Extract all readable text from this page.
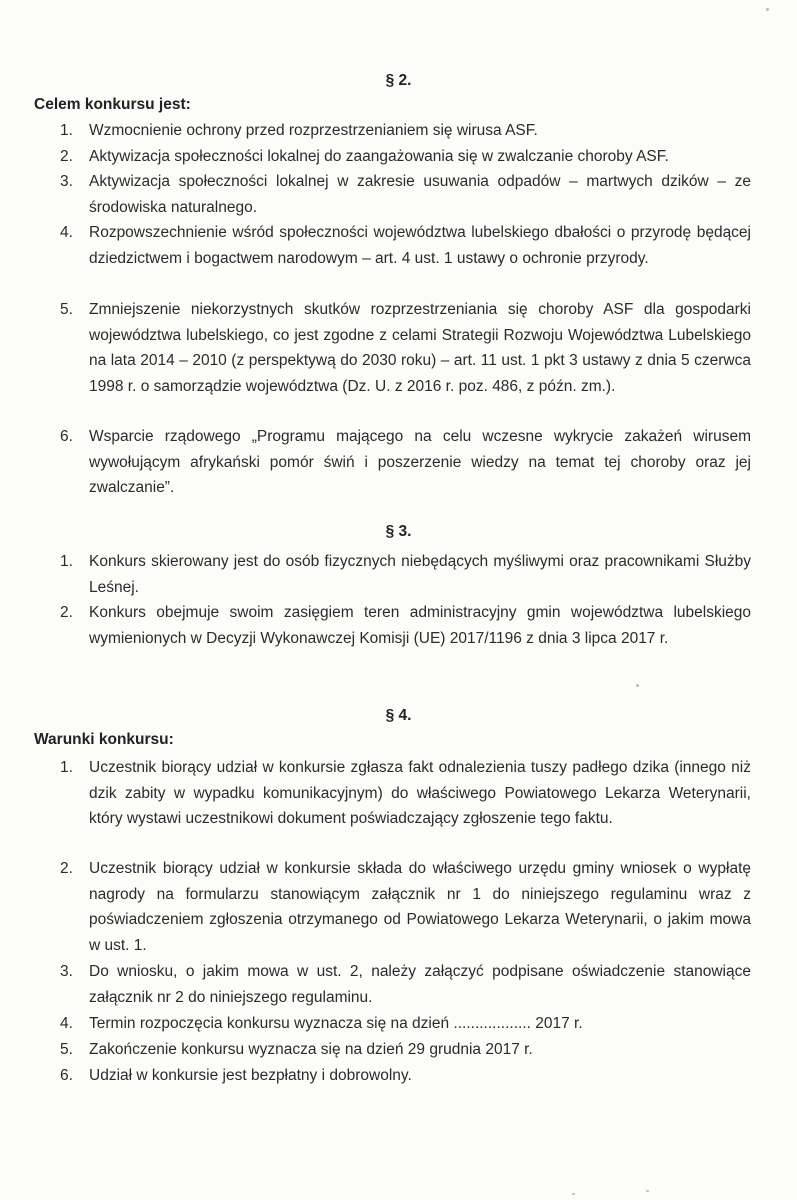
§ 2.
Celem konkursu jest:
1.	Wzmocnienie ochrony przed rozprzestrzenianiem się wirusa ASF.
2.	Aktywizacja społeczności lokalnej do zaangażowania się w zwalczanie choroby ASF.
3.	Aktywizacja społeczności lokalnej w zakresie usuwania odpadów – martwych dzików – ze środowiska naturalnego.
4.	Rozpowszechnienie wśród społeczności województwa lubelskiego dbałości o przyrodę będącej dziedzictwem i bogactwem narodowym – art. 4 ust. 1 ustawy o ochronie przyrody.
5.	Zmniejszenie niekorzystnych skutków rozprzestrzeniania się choroby ASF dla gospodarki województwa lubelskiego, co jest zgodne z celami Strategii Rozwoju Województwa Lubelskiego na lata 2014 – 2010 (z perspektywą do 2030 roku) – art. 11 ust. 1 pkt 3 ustawy z dnia 5 czerwca 1998 r. o samorządzie województwa (Dz. U. z 2016 r. poz. 486, z późn. zm.).
6.	Wsparcie rządowego „Programu mającego na celu wczesne wykrycie zakażeń wirusem wywołującym afrykański pomór świń i poszerzenie wiedzy na temat tej choroby oraz jej zwalczanie”.
§ 3.
1.	Konkurs skierowany jest do osób fizycznych niebędących myśliwymi oraz pracownikami Służby Leśnej.
2.	Konkurs obejmuje swoim zasięgiem teren administracyjny gmin województwa lubelskiego wymienionych w Decyzji Wykonawczej Komisji (UE) 2017/1196 z dnia 3 lipca 2017 r.
§ 4.
Warunki konkursu:
1.	Uczestnik biorący udział w konkursie zgłasza fakt odnalezienia tuszy padłego dzika (innego niż dzik zabity w wypadku komunikacyjnym) do właściwego Powiatowego Lekarza Weterynarii, który wystawi uczestnikowi dokument poświadczający zgłoszenie tego faktu.
2.	Uczestnik biorący udział w konkursie składa do właściwego urzędu gminy wniosek o wypłatę nagrody na formularzu stanowiącym załącznik nr 1 do niniejszego regulaminu wraz z poświadczeniem zgłoszenia otrzymanego od Powiatowego Lekarza Weterynarii, o jakim mowa w ust. 1.
3.	Do wniosku, o jakim mowa w ust. 2, należy załączyć podpisane oświadczenie stanowiące załącznik nr 2 do niniejszego regulaminu.
4.	Termin rozpoczęcia konkursu wyznacza się na dzień .................. 2017 r.
5.	Zakończenie konkursu wyznacza się na dzień 29 grudnia 2017 r.
6.	Udział w konkursie jest bezpłatny i dobrowolny.
